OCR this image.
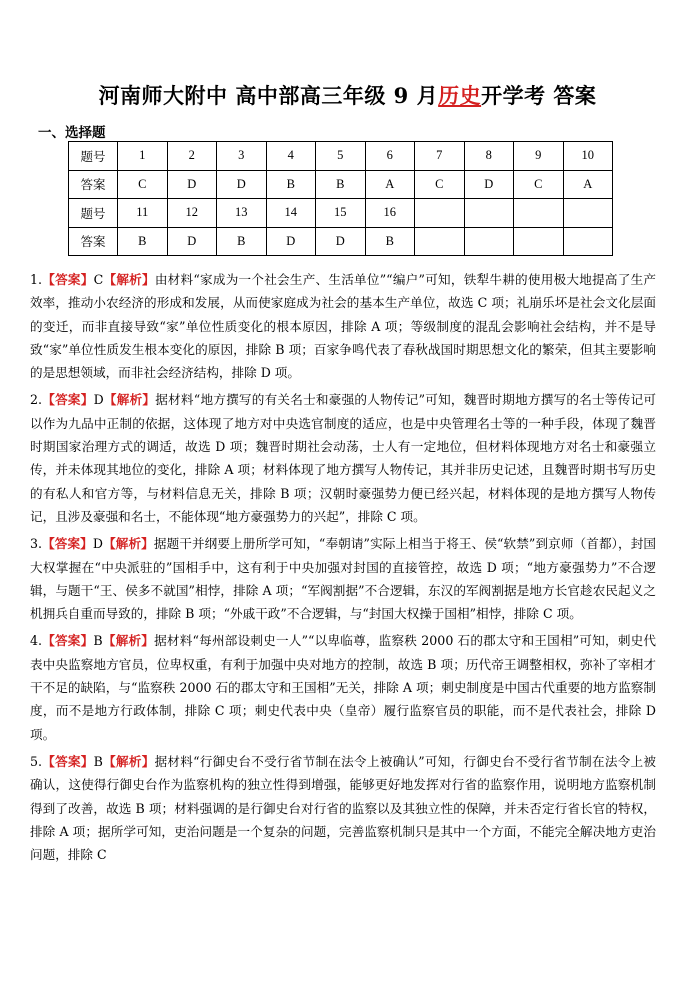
河南师大附中 高中部高三年级 9 月历史开学考 答案
一、选择题
题号	1	2	3	4	5	6	7	8	9	10
答案	C	D	D	B	B	A	C	D	C	A
题号	11	12	13	14	15	16				
答案	B	D	B	D	D	B				

1.【答案】C【解析】由材料“家成为一个社会生产、生活单位”“编户”可知，铁犁牛耕的使用极大地提高了生产效率，推动小农经济的形成和发展，从而使家庭成为社会的基本生产单位，故选 C 项；礼崩乐坏是社会文化层面的变迁，而非直接导致“家”单位性质变化的根本原因，排除 A 项；等级制度的混乱会影响社会结构，并不是导致“家”单位性质发生根本变化的原因，排除 B 项；百家争鸣代表了春秋战国时期思想文化的繁荣，但其主要影响的是思想领域，而非社会经济结构，排除 D 项。

2.【答案】D【解析】据材料“地方撰写的有关名士和豪强的人物传记”可知，魏晋时期地方撰写的名士等传记可以作为九品中正制的依据，这体现了地方对中央选官制度的适应，也是中央管理名士等的一种手段，体现了魏晋时期国家治理方式的调适，故选 D 项；魏晋时期社会动荡，士人有一定地位，但材料体现地方对名士和豪强立传，并未体现其地位的变化，排除 A 项；材料体现了地方撰写人物传记，其并非历史记述，且魏晋时期书写历史的有私人和官方等，与材料信息无关，排除 B 项；汉朝时豪强势力便已经兴起，材料体现的是地方撰写人物传记，且涉及豪强和名士，不能体现“地方豪强势力的兴起”，排除 C 项。

3.【答案】D【解析】据题干并纲要上册所学可知，“奉朝请”实际上相当于将王、侯“软禁”到京师（首都），封国大权掌握在“中央派驻的”国相手中，这有利于中央加强对封国的直接管控，故选 D 项；“地方豪强势力”不合逻辑，与题干“王、侯多不就国”相悖，排除 A 项；“军阀割据”不合逻辑，东汉的军阀割据是地方长官趁农民起义之机拥兵自重而导致的，排除 B 项；“外戚干政”不合逻辑，与“封国大权操于国相”相悖，排除 C 项。

4.【答案】B【解析】据材料“每州部设刺史一人”“以卑临尊，监察秩 2000 石的郡太守和王国相”可知，刺史代表中央监察地方官员，位卑权重，有利于加强中央对地方的控制，故选 B 项；历代帝王调整相权，弥补了宰相才干不足的缺陷，与“监察秩 2000 石的郡太守和王国相”无关，排除 A 项；刺史制度是中国古代重要的地方监察制度，而不是地方行政体制，排除 C 项；刺史代表中央（皇帝）履行监察官员的职能，而不是代表社会，排除 D 项。

5.【答案】B【解析】据材料“行御史台不受行省节制在法令上被确认”可知，行御史台不受行省节制在法令上被确认，这使得行御史台作为监察机构的独立性得到增强，能够更好地发挥对行省的监察作用，说明地方监察机制得到了改善，故选 B 项；材料强调的是行御史台对行省的监察以及其独立性的保障，并未否定行省长官的特权，排除 A 项；据所学可知，吏治问题是一个复杂的问题，完善监察机制只是其中一个方面，不能完全解决地方吏治问题，排除 C
